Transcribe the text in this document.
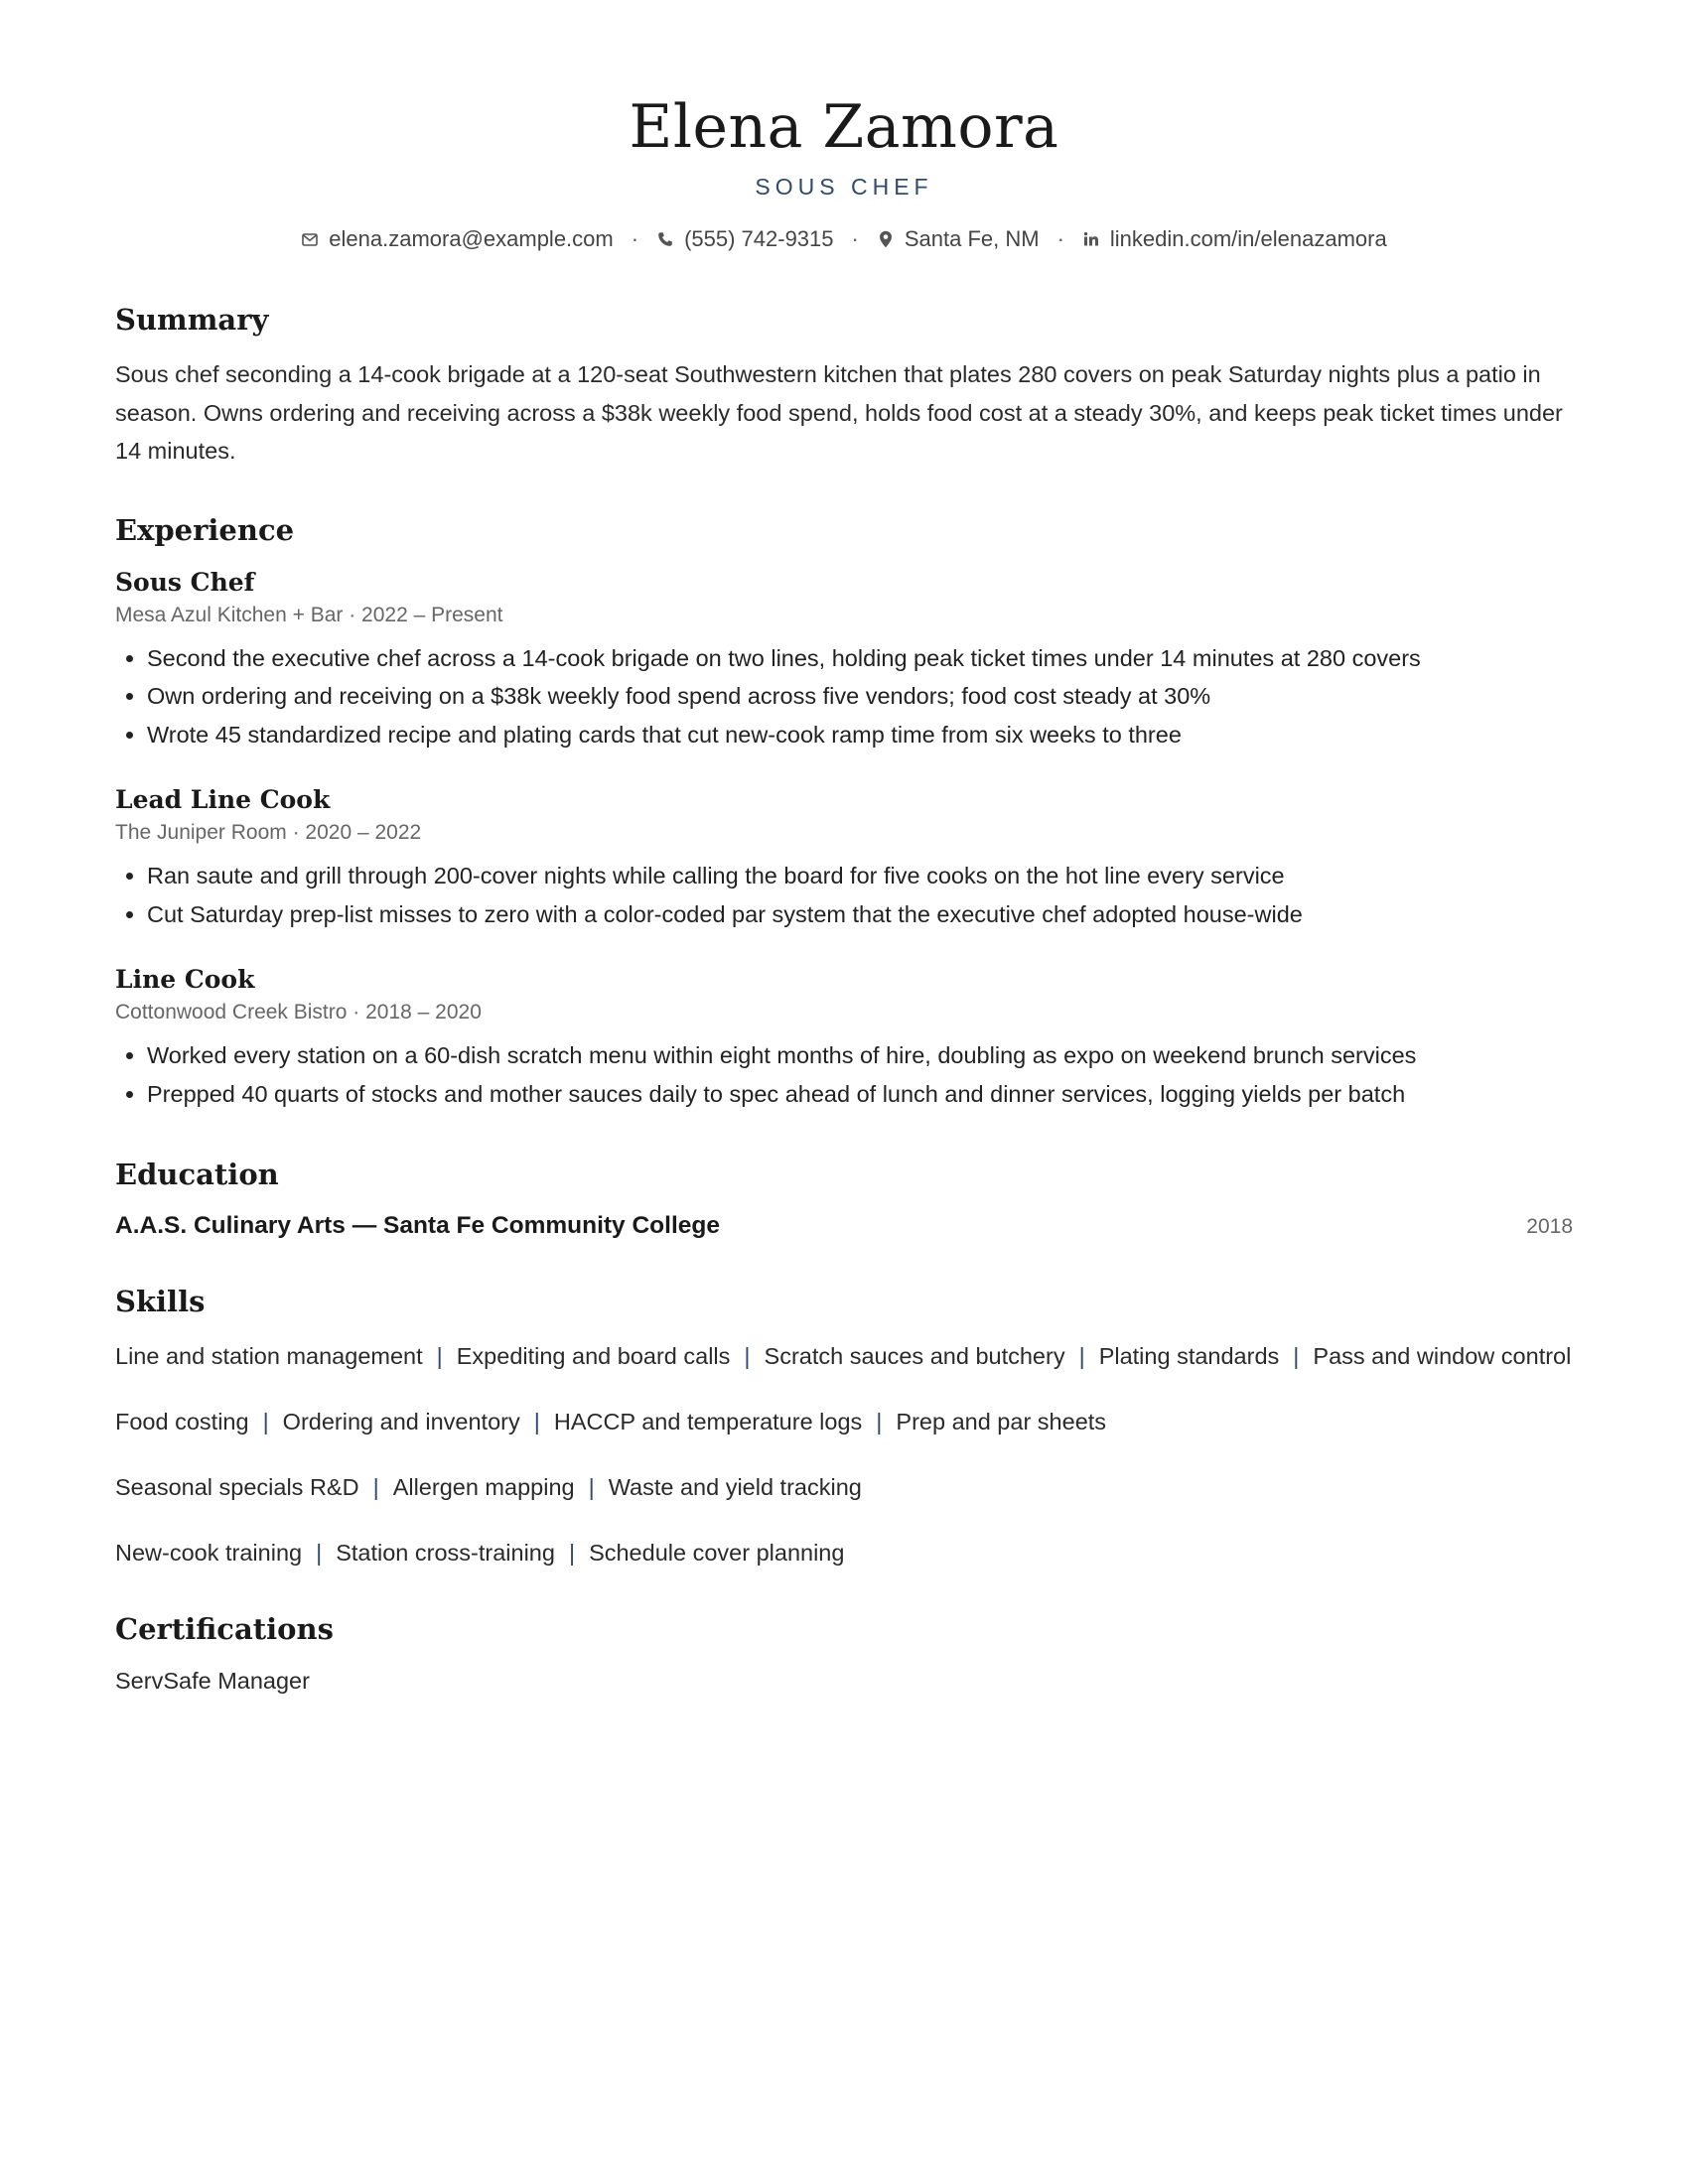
Elena Zamora
SOUS CHEF
elena.zamora@example.com · (555) 742-9315 · Santa Fe, NM · linkedin.com/in/elenazamora
Summary

Sous chef seconding a 14-cook brigade at a 120-seat Southwestern kitchen that plates 280 covers on peak Saturday nights plus a patio in season. Owns ordering and receiving across a $38k weekly food spend, holds food cost at a steady 30%, and keeps peak ticket times under 14 minutes.

Experience
Sous Chef
Mesa Azul Kitchen + Bar · 2022 – Present
• Second the executive chef across a 14-cook brigade on two lines, holding peak ticket times under 14 minutes at 280 covers
• Own ordering and receiving on a $38k weekly food spend across five vendors; food cost steady at 30%
• Wrote 45 standardized recipe and plating cards that cut new-cook ramp time from six weeks to three
Lead Line Cook
The Juniper Room · 2020 – 2022
• Ran saute and grill through 200-cover nights while calling the board for five cooks on the hot line every service
• Cut Saturday prep-list misses to zero with a color-coded par system that the executive chef adopted house-wide
Line Cook
Cottonwood Creek Bistro · 2018 – 2020
• Worked every station on a 60-dish scratch menu within eight months of hire, doubling as expo on weekend brunch services
• Prepped 40 quarts of stocks and mother sauces daily to spec ahead of lunch and dinner services, logging yields per batch
Education
A.A.S. Culinary Arts — Santa Fe Community College	2018
Skills
Line and station management | Expediting and board calls | Scratch sauces and butchery | Plating standards | Pass and window control
Food costing | Ordering and inventory | HACCP and temperature logs | Prep and par sheets
Seasonal specials R&D | Allergen mapping | Waste and yield tracking
New-cook training | Station cross-training | Schedule cover planning
Certifications
ServSafe Manager
